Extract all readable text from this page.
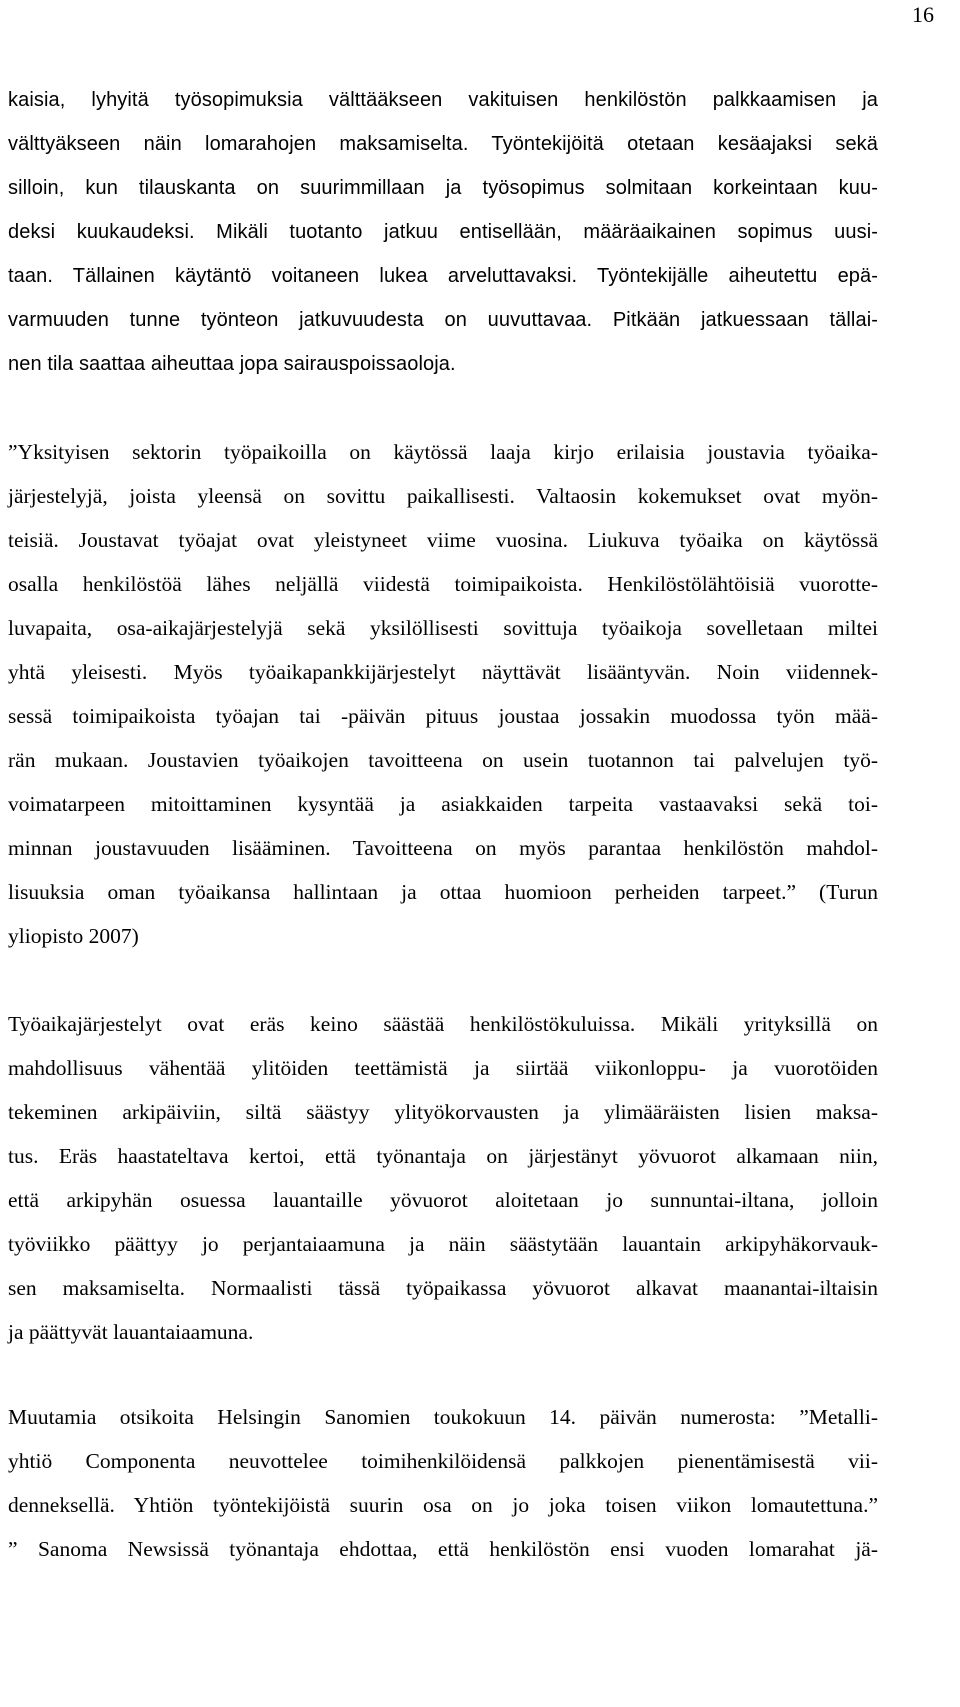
16
kaisia, lyhyitä työsopimuksia välttääkseen vakituisen henkilöstön palkkaamisen ja
välttyäkseen näin lomarahojen maksamiselta. Työntekijöitä otetaan kesäajaksi sekä
silloin, kun tilauskanta on suurimmillaan ja työsopimus solmitaan korkeintaan kuu-
deksi kuukaudeksi. Mikäli tuotanto jatkuu entisellään, määräaikainen sopimus uusi-
taan. Tällainen käytäntö voitaneen lukea arveluttavaksi. Työntekijälle aiheutettu epä-
varmuuden tunne työnteon jatkuvuudesta on uuvuttavaa. Pitkään jatkuessaan tällai-
nen tila saattaa aiheuttaa jopa sairauspoissaoloja.
”Yksityisen sektorin työpaikoilla on käytössä laaja kirjo erilaisia joustavia työaika-
järjestelyjä, joista yleensä on sovittu paikallisesti. Valtaosin kokemukset ovat myön-
teisiä. Joustavat työajat ovat yleistyneet viime vuosina. Liukuva työaika on käytössä
osalla henkilöstöä lähes neljällä viidestä toimipaikoista. Henkilöstölähtöisiä vuorotte-
luvapaita, osa-aikajärjestelyjä sekä yksilöllisesti sovittuja työaikoja sovelletaan miltei
yhtä yleisesti. Myös työaikapankkijärjestelyt näyttävät lisääntyvän. Noin viidennek-
sessä toimipaikoista työajan tai -päivän pituus joustaa jossakin muodossa työn mää-
rän mukaan. Joustavien työaikojen tavoitteena on usein tuotannon tai palvelujen työ-
voimatarpeen mitoittaminen kysyntää ja asiakkaiden tarpeita vastaavaksi sekä toi-
minnan joustavuuden lisääminen. Tavoitteena on myös parantaa henkilöstön mahdol-
lisuuksia oman työaikansa hallintaan ja ottaa huomioon perheiden tarpeet.” (Turun
yliopisto 2007)
Työaikajärjestelyt ovat eräs keino säästää henkilöstökuluissa. Mikäli yrityksillä on
mahdollisuus vähentää ylitöiden teettämistä ja siirtää viikonloppu- ja vuorotöiden
tekeminen arkipäiviin, siltä säästyy ylityökorvausten ja ylimääräisten lisien maksa-
tus. Eräs haastateltava kertoi, että työnantaja on järjestänyt yövuorot alkamaan niin,
että arkipyhän osuessa lauantaille yövuorot aloitetaan jo sunnuntai-iltana, jolloin
työviikko päättyy jo perjantaiaamuna ja näin säästytään lauantain arkipyhäkorvauk-
sen maksamiselta. Normaalisti tässä työpaikassa yövuorot alkavat maanantai-iltaisin
ja päättyvät lauantaiaamuna.
Muutamia otsikoita Helsingin Sanomien toukokuun 14. päivän numerosta: ”Metalli-
yhtiö Componenta neuvottelee toimihenkilöidensä palkkojen pienentämisestä vii-
denneksellä. Yhtiön työntekijöistä suurin osa on jo joka toisen viikon lomautettuna.”
” Sanoma Newsissä työnantaja ehdottaa, että henkilöstön ensi vuoden lomarahat jä-
